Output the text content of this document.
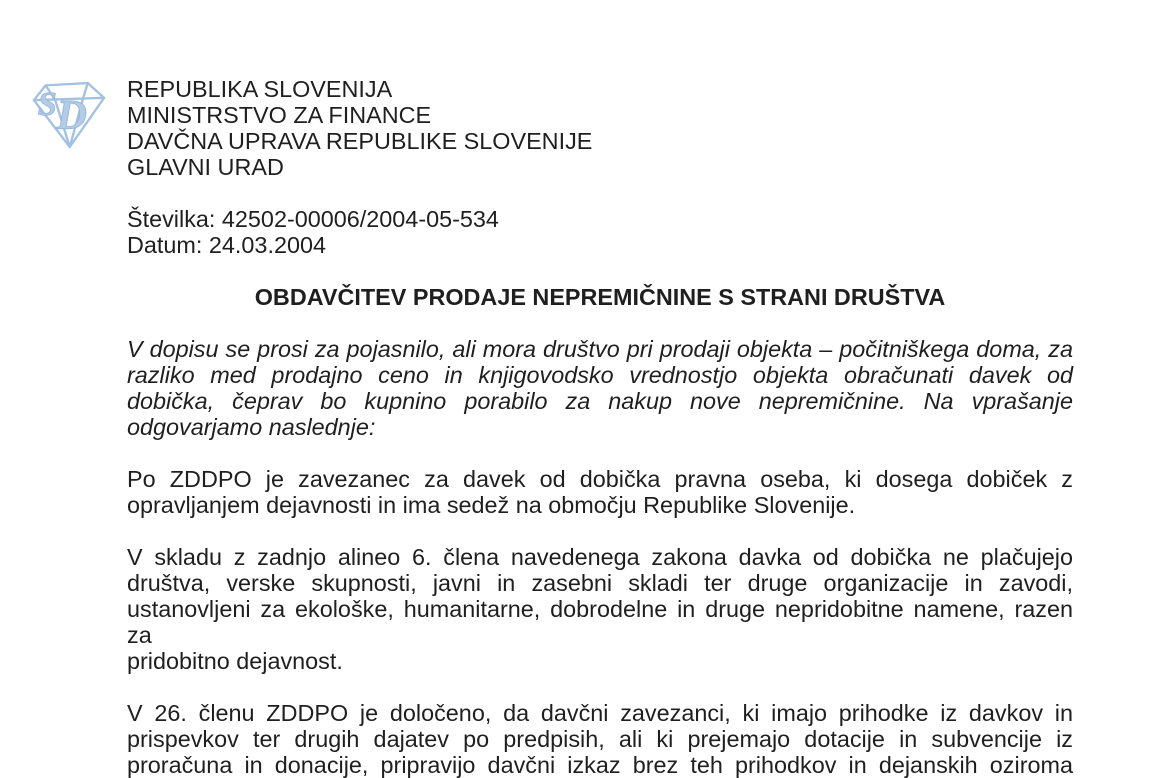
S D
REPUBLIKA SLOVENIJA
MINISTRSTVO ZA FINANCE
DAVČNA UPRAVA REPUBLIKE SLOVENIJE
GLAVNI URAD
Številka: 42502-00006/2004-05-534
Datum: 24.03.2004
OBDAVČITEV PRODAJE NEPREMIČNINE S STRANI DRUŠTVA
V dopisu se prosi za pojasnilo, ali mora društvo pri prodaji objekta – počitniškega doma, za
razliko med prodajno ceno in knjigovodsko vrednostjo objekta obračunati davek od
dobička, čeprav bo kupnino porabilo za nakup nove nepremičnine. Na vprašanje
odgovarjamo naslednje:
Po ZDDPO je zavezanec za davek od dobička pravna oseba, ki dosega dobiček z
opravljanjem dejavnosti in ima sedež na območju Republike Slovenije.
V skladu z zadnjo alineo 6. člena navedenega zakona davka od dobička ne plačujejo
društva, verske skupnosti, javni in zasebni skladi ter druge organizacije in zavodi,
ustanovljeni za ekološke, humanitarne, dobrodelne in druge nepridobitne namene, razen za
pridobitno dejavnost.
V 26. členu ZDDPO je določeno, da davčni zavezanci, ki imajo prihodke iz davkov in
prispevkov ter drugih dajatev po predpisih, ali ki prejemajo dotacije in subvencije iz
proračuna in donacije, pripravijo davčni izkaz brez teh prihodkov in dejanskih oziroma
